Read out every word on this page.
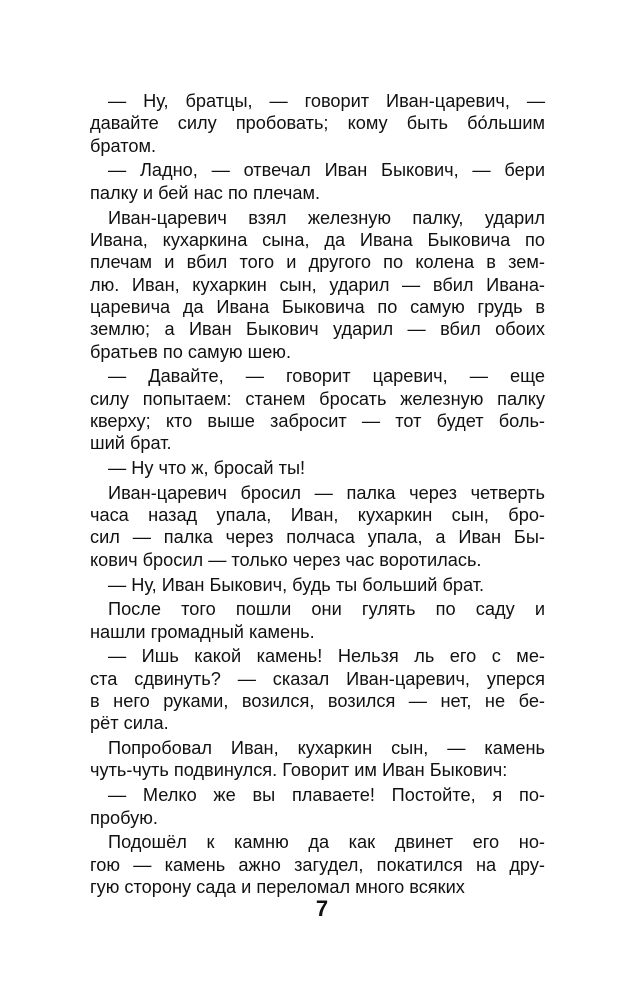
— Ну, братцы, — говорит Иван-царевич, —
давайте силу пробовать; кому быть бо́льшим
братом.
— Ладно, — отвечал Иван Быкович, — бери
палку и бей нас по плечам.
Иван-царевич взял железную палку, ударил
Ивана, кухаркина сына, да Ивана Быковича по
плечам и вбил того и другого по колена в зем-
лю. Иван, кухаркин сын, ударил — вбил Ивана-
царевича да Ивана Быковича по самую грудь в
землю; а Иван Быкович ударил — вбил обоих
братьев по самую шею.
— Давайте, — говорит царевич, — еще
силу попытаем: станем бросать железную палку
кверху; кто выше забросит — тот будет боль-
ший брат.
— Ну что ж, бросай ты!
Иван-царевич бросил — палка через четверть
часа назад упала, Иван, кухаркин сын, бро-
сил — палка через полчаса упала, а Иван Бы-
кович бросил — только через час воротилась.
— Ну, Иван Быкович, будь ты больший брат.
После того пошли они гулять по саду и
нашли громадный камень.
— Ишь какой камень! Нельзя ль его с ме-
ста сдвинуть? — сказал Иван-царевич, уперся
в него руками, возился, возился — нет, не бе-
рёт сила.
Попробовал Иван, кухаркин сын, — камень
чуть-чуть подвинулся. Говорит им Иван Быкович:
— Мелко же вы плаваете! Постойте, я по-
пробую.
Подошёл к камню да как двинет его но-
гою — камень ажно загудел, покатился на дру-
гую сторону сада и переломал много всяких
7
